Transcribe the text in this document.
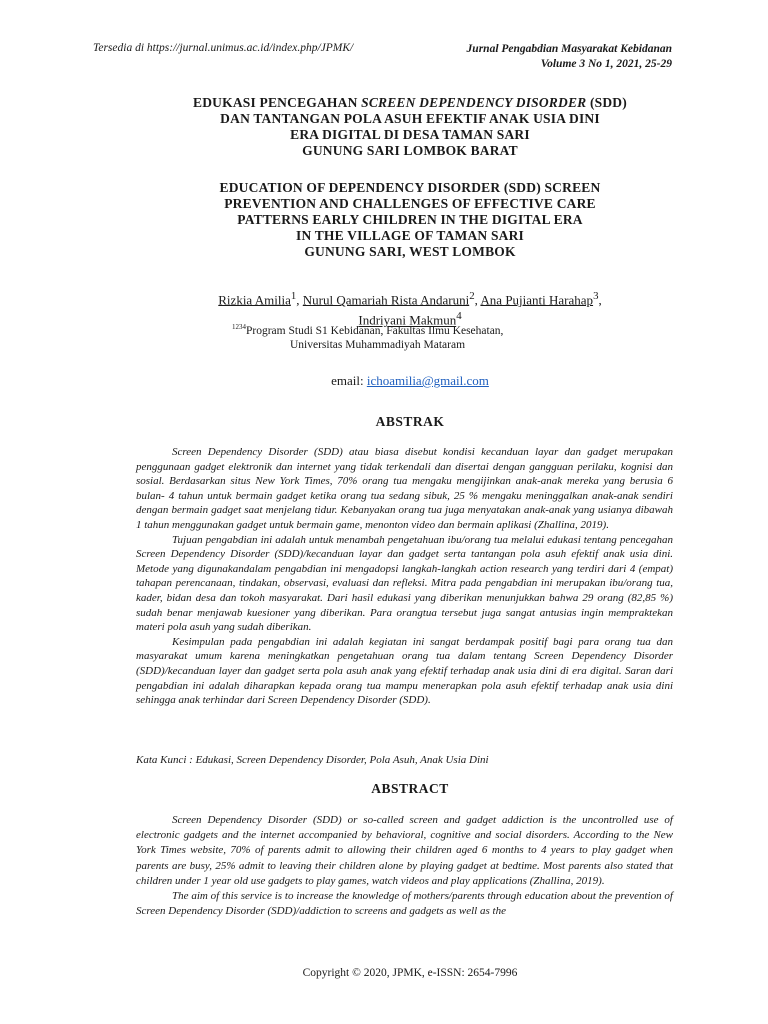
Tersedia di https://jurnal.unimus.ac.id/index.php/JPMK/	Jurnal Pengabdian Masyarakat Kebidanan
Volume 3 No 1, 2021, 25-29
EDUKASI PENCEGAHAN SCREEN DEPENDENCY DISORDER (SDD)
DAN TANTANGAN POLA ASUH EFEKTIF ANAK USIA DINI
ERA DIGITAL DI DESA TAMAN SARI
GUNUNG SARI LOMBOK BARAT
EDUCATION OF DEPENDENCY DISORDER (SDD) SCREEN
PREVENTION AND CHALLENGES OF EFFECTIVE CARE
PATTERNS EARLY CHILDREN IN THE DIGITAL ERA
IN THE VILLAGE OF TAMAN SARI
GUNUNG SARI, WEST LOMBOK
Rizkia Amilia$^1$, Nurul Qamariah Rista Andaruni$^2$, Ana Pujianti Harahap$^3$,
Indriyani Makmun$^4$
$^{1234}$Program Studi S1 Kebidanan, Fakultas Ilmu Kesehatan,
Universitas Muhammadiyah Mataram
email: ichoamilia@gmail.com
ABSTRAK

Screen Dependency Disorder (SDD) atau biasa disebut kondisi kecanduan layar dan gadget merupakan penggunaan gadget elektronik dan internet yang tidak terkendali dan disertai dengan gangguan perilaku, kognisi dan sosial. Berdasarkan situs New York Times, 70% orang tua mengaku mengijinkan anak-anak mereka yang berusia 6 bulan- 4 tahun untuk bermain gadget ketika orang tua sedang sibuk, 25 % mengaku meninggalkan anak-anak sendiri dengan bermain gadget saat menjelang tidur. Kebanyakan orang tua juga menyatakan anak-anak yang usianya dibawah 1 tahun menggunakan gadget untuk bermain game, menonton video dan bermain aplikasi (Zhallina, 2019).

Tujuan pengabdian ini adalah untuk menambah pengetahuan ibu/orang tua melalui edukasi tentang pencegahan Screen Dependency Disorder (SDD)/kecanduan layar dan gadget serta tantangan pola asuh efektif anak usia dini. Metode yang digunakandalam pengabdian ini mengadopsi langkah-langkah action research yang terdiri dari 4 (empat) tahapan perencanaan, tindakan, observasi, evaluasi dan refleksi. Mitra pada pengabdian ini merupakan ibu/orang tua, kader, bidan desa dan tokoh masyarakat. Dari hasil edukasi yang diberikan menunjukkan bahwa 29 orang (82,85 %) sudah benar menjawab kuesioner yang diberikan. Para orangtua tersebut juga sangat antusias ingin mempraktekan materi pola asuh yang sudah diberikan.

Kesimpulan pada pengabdian ini adalah kegiatan ini sangat berdampak positif bagi para orang tua dan masyarakat umum karena meningkatkan pengetahuan orang tua dalam tentang Screen Dependency Disorder (SDD)/kecanduan layer dan gadget serta pola asuh anak yang efektif terhadap anak usia dini di era digital. Saran dari pengabdian ini adalah diharapkan kepada orang tua mampu menerapkan pola asuh efektif terhadap anak usia dini sehingga anak terhindar dari Screen Dependency Disorder (SDD).

Kata Kunci : Edukasi, Screen Dependency Disorder, Pola Asuh, Anak Usia Dini
ABSTRACT

Screen Dependency Disorder (SDD) or so-called screen and gadget addiction is the uncontrolled use of electronic gadgets and the internet accompanied by behavioral, cognitive and social disorders. According to the New York Times website, 70% of parents admit to allowing their children aged 6 months to 4 years to play gadget when parents are busy, 25% admit to leaving their children alone by playing gadget at bedtime. Most parents also stated that children under 1 year old use gadgets to play games, watch videos and play applications (Zhallina, 2019).

The aim of this service is to increase the knowledge of mothers/parents through education about the prevention of Screen Dependency Disorder (SDD)/addiction to screens and gadgets as well as the

Copyright © 2020, JPMK, e-ISSN: 2654-7996
